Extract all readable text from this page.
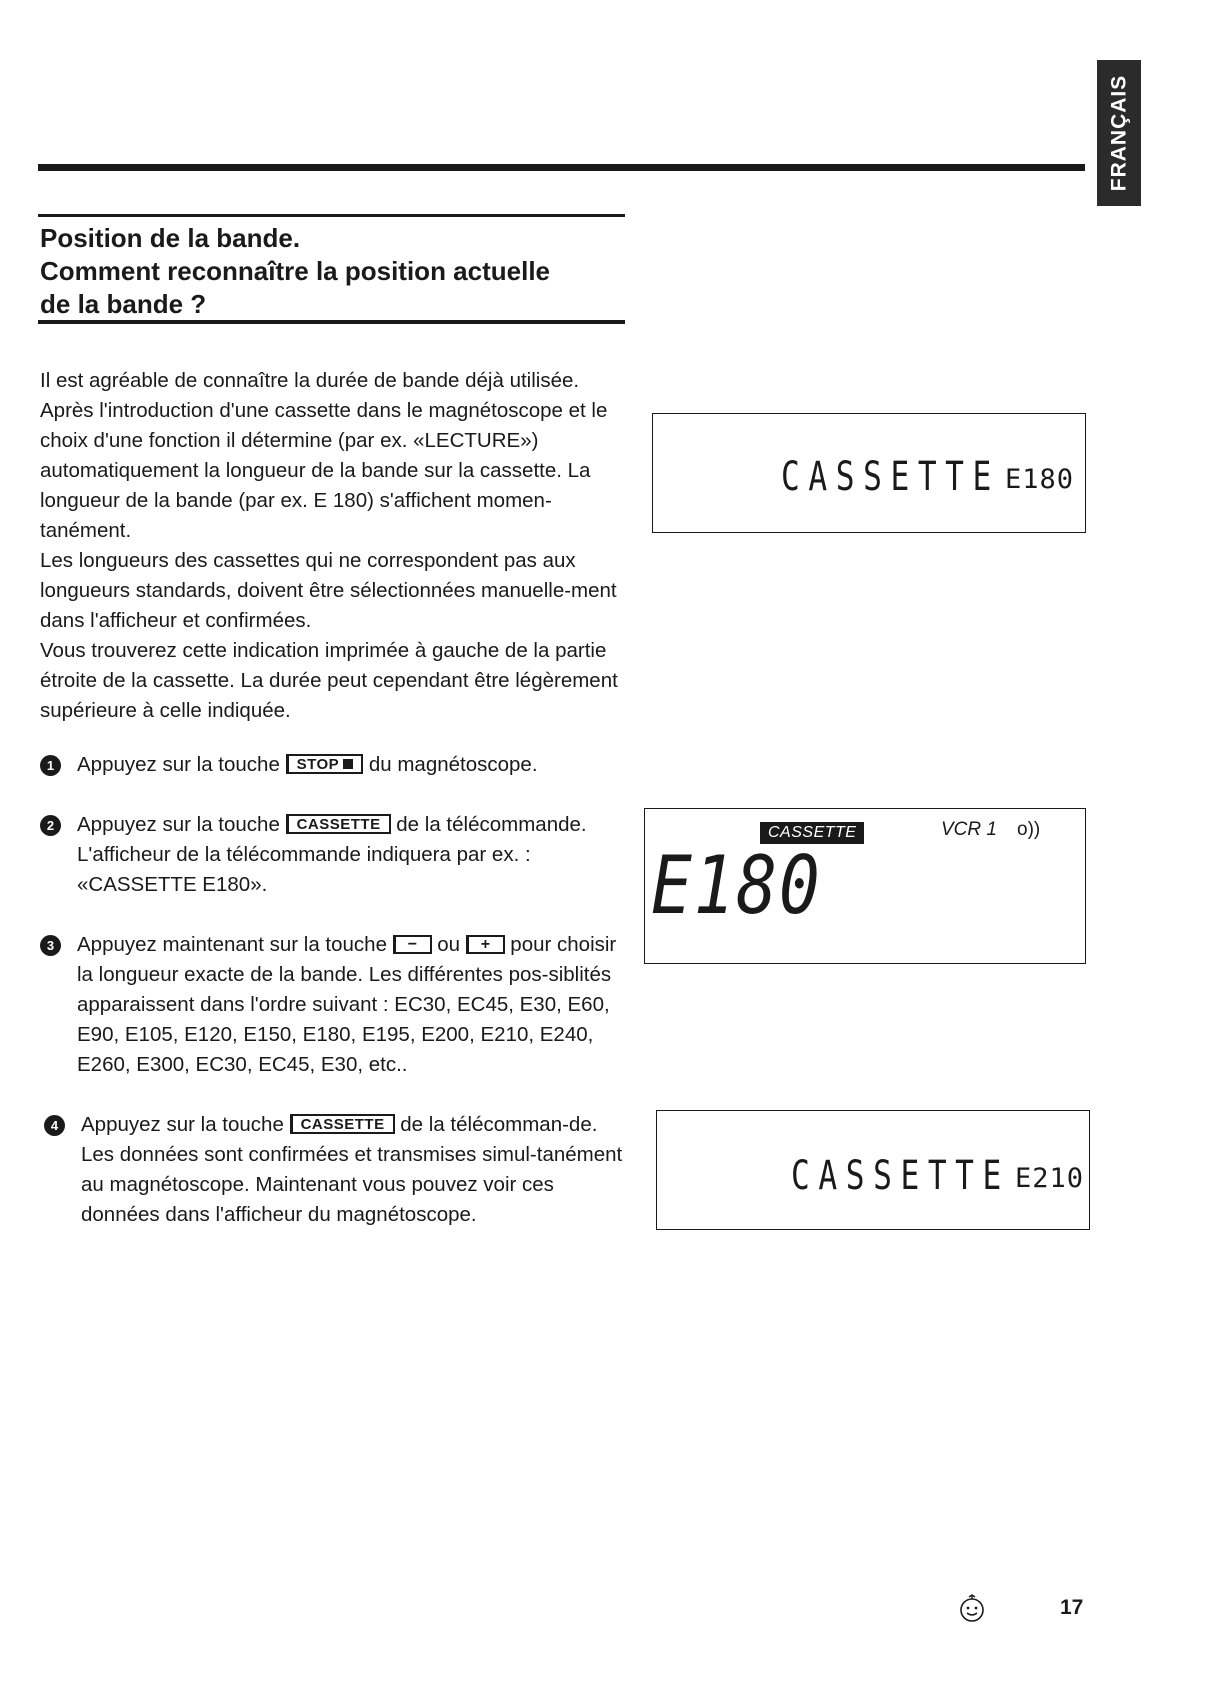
FRANÇAIS
Position de la bande.
Comment reconnaître la position actuelle
de la bande ?

Il est agréable de connaître la durée de bande déjà utilisée. Après l'introduction d'une cassette dans le magnétoscope et le choix d'une fonction il détermine (par ex. «LECTURE») automatiquement la longueur de la bande sur la cassette. La longueur de la bande (par ex. E 180) s'affichent momen-tanément.

Les longueurs des cassettes qui ne correspondent pas aux longueurs standards, doivent être sélectionnées manuelle-ment dans l'afficheur et confirmées.

Vous trouverez cette indication imprimée à gauche de la partie étroite de la cassette. La durée peut cependant être légèrement supérieure à celle indiquée.

1	Appuyez sur la touche STOP du magnétoscope.
2	Appuyez sur la touche CASSETTE de la télécommande. L'afficheur de la télécommande indiquera par ex. : «CASSETTE E180».
3	Appuyez maintenant sur la touche − ou + pour choisir la longueur exacte de la bande. Les différentes pos-siblités apparaissent dans l'ordre suivant : EC30, EC45, E30, E60, E90, E105, E120, E150, E180, E195, E200, E210, E240, E260, E300, EC30, EC45, E30, etc..
4	Appuyez sur la touche CASSETTE de la télécomman-de. Les données sont confirmées et transmises simul-tanément au magnétoscope. Maintenant vous pouvez voir ces données dans l'afficheur du magnétoscope.
CASSETTE E180
CASSETTE	VCR 1 o))
E180
CASSETTE E210
17
